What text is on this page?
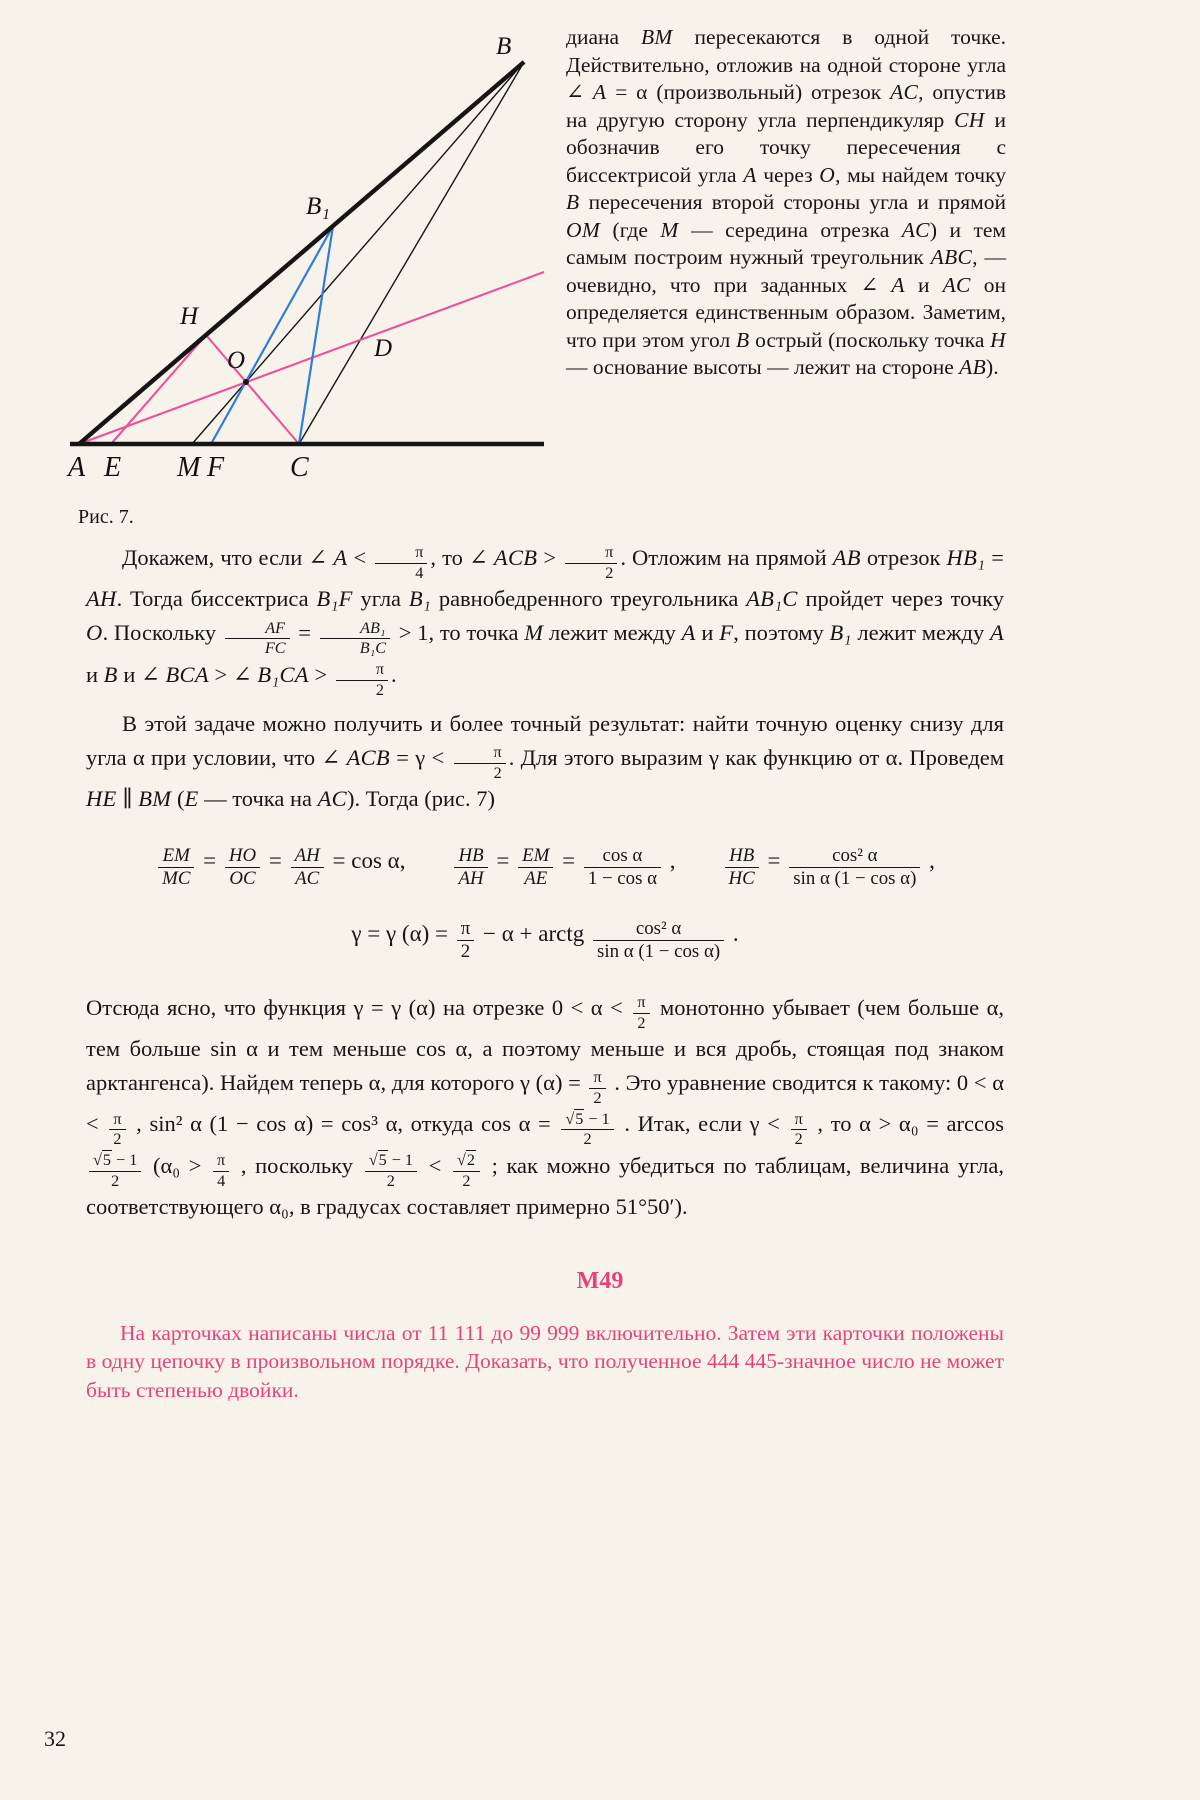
B
B₁
H
O	D
A E M F C
Рис. 7.
диана BM пересекаются в одной точке. Действительно, отложив на одной стороне угла ∠ A = α (произвольный) отрезок AC, опустив на другую сторону угла перпендикуляр CH и обозначив его точку пересечения с биссектрисой угла A через O, мы найдем точку B пересечения второй стороны угла и прямой OM (где M — середина отрезка AC) и тем самым построим нужный треугольник ABC, — очевидно, что при заданных ∠ A и AC он определяется единственным образом. Заметим, что при этом угол B острый (поскольку точка H — основание высоты — лежит на стороне AB).

Докажем, что если ∠ $A < \frac{\pi}{4}$ , то ∠ ACB > $\frac{\pi}{2}$ . Отложим на прямой AB отрезок HB₁ = AH. Тогда биссектриса B₁F угла B₁ равнобедренного треугольника AB₁C пройдет через точку O. Поскольку $\frac{AF}{FC} = \frac{\text{AB₁}}{\text{B₁C}} > 1$, то точка M лежит между A и F, поэтому B₁ лежит между A и B и ∠ BCA > ∠ $B_1CA > \frac{\pi}{2}$ .

В этой задаче можно получить и более точный результат: найти точную оценку снизу для угла α при условии, что ∠ ACB = $\gamma < \frac{\pi}{2}$ . Для этого выразим γ как функцию от α. Проведем HE ∥ BM (E — точка на AC). Тогда (рис. 7)

$\frac{EM}{MC} = \frac{HO}{OC} = \frac{AH}{AC} = \cos \alpha$,   $\frac{HB}{AH} = \frac{EM}{AE} = \frac{\text{cos α}}{\text{1 − cos α}}$ ,   $\frac{HB}{HC} = \frac{\text{cos² α}}{\text{sin α (1 − cos α)}}$ ,
γ = γ $(\alpha) = \frac{\pi}{2} - \alpha$ + arctg $\frac{\text{cos² α}}{\text{sin α (1 − cos α)}}$ .

Отсюда ясно, что функция γ = γ (α) на отрезке $0 < \alpha < \frac{\pi}{2}$ монотонно убывает (чем больше α, тем больше sin α и тем меньше cos α, а поэтому меньше и вся дробь, стоящая под знаком арктангенса). Найдем теперь α, для которого γ $(\alpha) = \frac{\pi}{2}$ . Это уравнение сводится к такому: $0 < \alpha < \frac{\pi}{2}$ , sin² α (1 − cos α) = cos³ α, откуда $\cos \alpha = \frac{√5 - 1}{2}$ . Итак, если $\gamma < \frac{\pi}{2}$ , то α > α₀ = arccos
$\frac{√5 - 1}{2} (\alpha_0 > \frac{\pi}{4}$ , поскольку $\frac{√5 - 1}{2} < \frac{√2}{2}$ ; как можно убедиться по таблицам, величина угла, соответствующего α₀, в градусах составляет примерно 51°50′).

М49

На карточках написаны числа от 11 111 до 99 999 включительно. Затем эти карточки положены в одну цепочку в произвольном порядке. Доказать, что полученное 444 445-значное число не может быть степенью двойки.

32
